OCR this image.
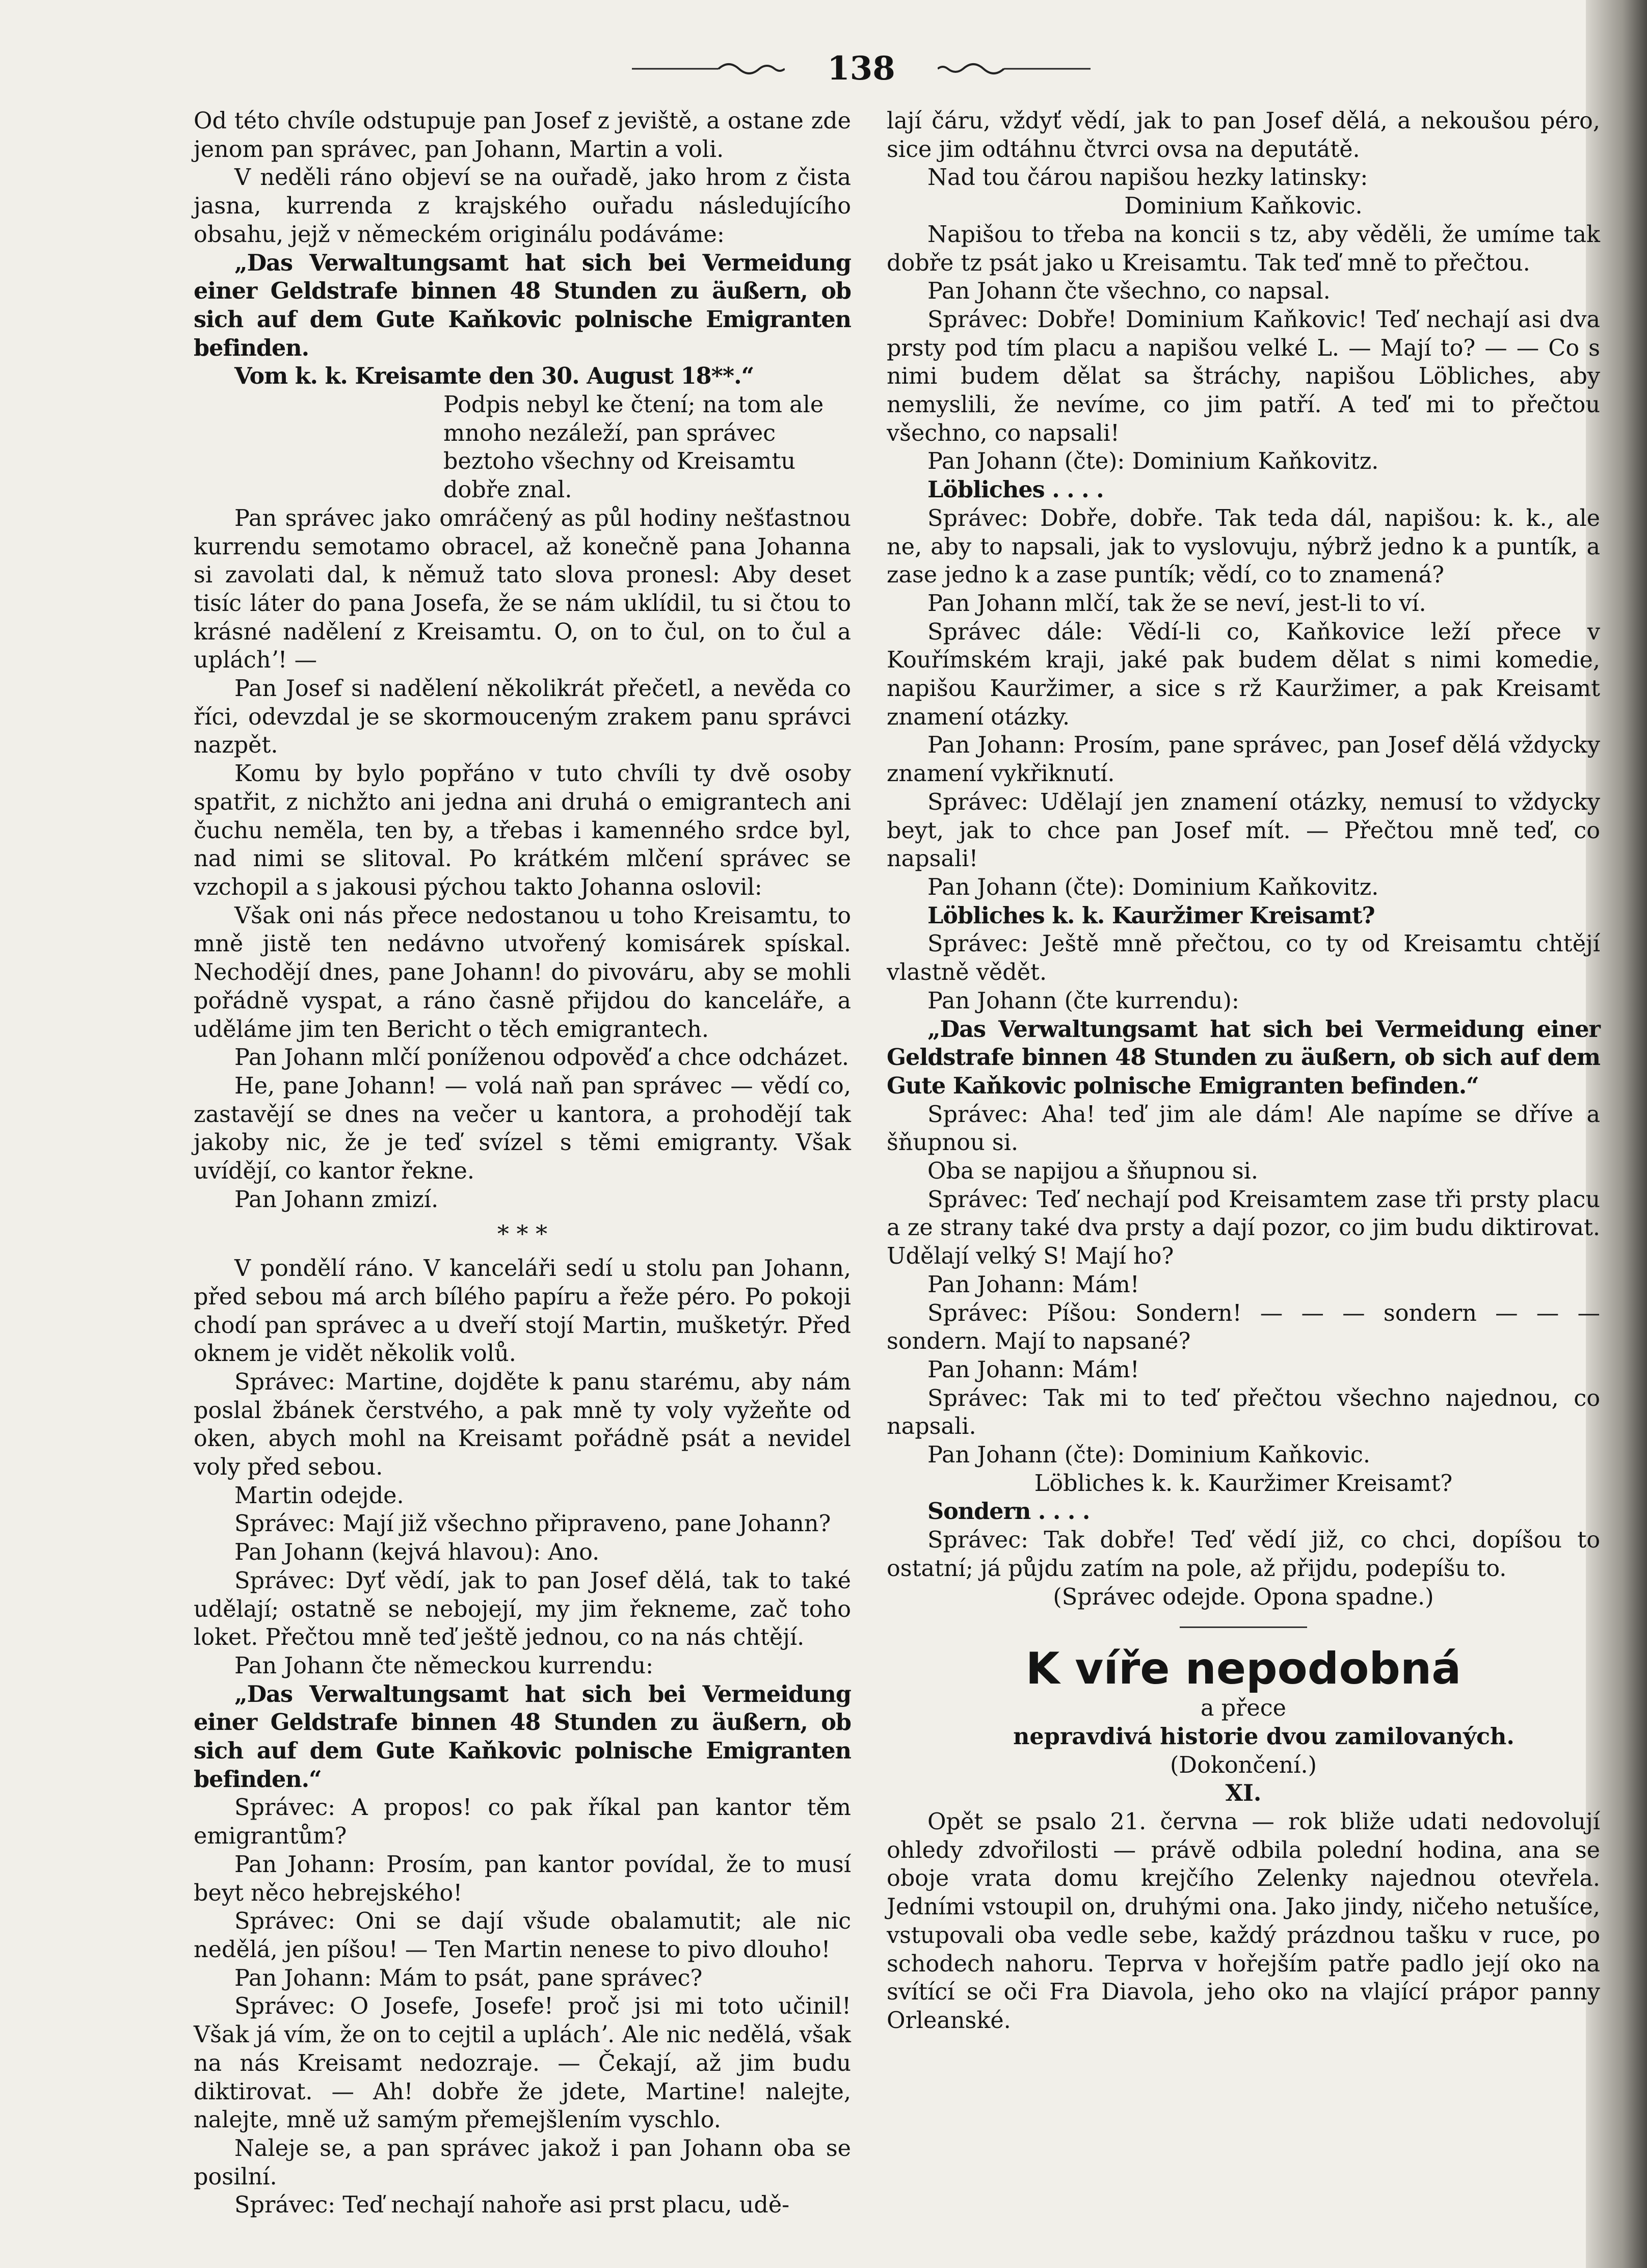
138

Od této chvíle odstupuje pan Josef z jeviště, a ostane zde jenom pan správec, pan Johann, Martin a voli.

V neděli ráno objeví se na ouřadě, jako hrom z čista jasna, kurrenda z krajského ouřadu následujícího obsahu, jejž v německém originálu podáváme:

„Das Verwaltungsamt hat sich bei Vermeidung einer Geldstrafe binnen 48 Stunden zu äußern, ob sich auf dem Gute Kaňkovic polnische Emigranten befinden.

Vom k. k. Kreisamte den 30. August 18**.“

Podpis nebyl ke čtení; na tom ale mnoho nezáleží, pan správec beztoho všechny od Kreisamtu dobře znal.

Pan správec jako omráčený as půl hodiny nešťastnou kurrendu semotamo obracel, až konečně pana Johanna si zavolati dal, k němuž tato slova pronesl: Aby deset tisíc láter do pana Josefa, že se nám uklídil, tu si čtou to krásné nadělení z Kreisamtu. O, on to čul, on to čul a upláchʼ! —

Pan Josef si nadělení několikrát přečetl, a nevěda co říci, odevzdal je se skormouceným zrakem panu správci nazpět.

Komu by bylo popřáno v tuto chvíli ty dvě osoby spatřit, z nichžto ani jedna ani druhá o emigrantech ani čuchu neměla, ten by, a třebas i kamenného srdce byl, nad nimi se slitoval. Po krátkém mlčení správec se vzchopil a s jakousi pýchou takto Johanna oslovil:

Však oni nás přece nedostanou u toho Kreisamtu, to mně jistě ten nedávno utvořený komisárek spískal. Nechodějí dnes, pane Johann! do pivováru, aby se mohli pořádně vyspat, a ráno časně přijdou do kanceláře, a uděláme jim ten Bericht o těch emigrantech.

Pan Johann mlčí poníženou odpověď a chce odcházet.

He, pane Johann! — volá naň pan správec — vědí co, zastavějí se dnes na večer u kantora, a prohodějí tak jakoby nic, že je teď svízel s těmi emigranty. Však uvídějí, co kantor řekne.

Pan Johann zmizí.

* * *

V pondělí ráno. V kanceláři sedí u stolu pan Johann, před sebou má arch bílého papíru a řeže péro. Po pokoji chodí pan správec a u dveří stojí Martin, mušketýr. Před oknem je vidět několik volů.

Správec: Martine, dojděte k panu starému, aby nám poslal žbánek čerstvého, a pak mně ty voly vyžeňte od oken, abych mohl na Kreisamt pořádně psát a nevidel voly před sebou.

Martin odejde.

Správec: Mají již všechno připraveno, pane Johann?

Pan Johann (kejvá hlavou): Ano.

Správec: Dyť vědí, jak to pan Josef dělá, tak to také udělají; ostatně se nebojejí, my jim řekneme, zač toho loket. Přečtou mně teď ještě jednou, co na nás chtějí.

Pan Johann čte německou kurrendu:

„Das Verwaltungsamt hat sich bei Vermeidung einer Geldstrafe binnen 48 Stunden zu äußern, ob sich auf dem Gute Kaňkovic polnische Emigranten befinden.“

Správec: A propos! co pak říkal pan kantor těm emigrantům?

Pan Johann: Prosím, pan kantor povídal, že to musí beyt něco hebrejského!

Správec: Oni se dají všude obalamutit; ale nic nedělá, jen píšou! — Ten Martin nenese to pivo dlouho!

Pan Johann: Mám to psát, pane správec?

Správec: O Josefe, Josefe! proč jsi mi toto učinil! Však já vím, že on to cejtil a upláchʼ. Ale nic nedělá, však na nás Kreisamt nedozraje. — Čekají, až jim budu diktirovat. — Ah! dobře že jdete, Martine! nalejte, nalejte, mně už samým přemejšlením vyschlo.

Naleje se, a pan správec jakož i pan Johann oba se posilní.

Správec: Teď nechají nahoře asi prst placu, udě-

lají čáru, vždyť vědí, jak to pan Josef dělá, a nekoušou péro, sice jim odtáhnu čtvrci ovsa na deputátě.

Nad tou čárou napišou hezky latinsky:

Dominium Kaňkovic.

Napišou to třeba na koncii s tz, aby věděli, že umíme tak dobře tz psát jako u Kreisamtu. Tak teď mně to přečtou.

Pan Johann čte všechno, co napsal.

Správec: Dobře! Dominium Kaňkovic! Teď nechají asi dva prsty pod tím placu a napišou velké L. — Mají to? — — Co s nimi budem dělat sa štráchy, napišou Löbliches, aby nemyslili, že nevíme, co jim patří. A teď mi to přečtou všechno, co napsali!

Pan Johann (čte): Dominium Kaňkovitz.

Löbliches . . . .

Správec: Dobře, dobře. Tak teda dál, napišou: k. k., ale ne, aby to napsali, jak to vyslovuju, nýbrž jedno k a puntík, a zase jedno k a zase puntík; vědí, co to znamená?

Pan Johann mlčí, tak že se neví, jest-li to ví.

Správec dále: Vědí-li co, Kaňkovice leží přece v Kouřímském kraji, jaké pak budem dělat s nimi komedie, napišou Kauržimer, a sice s rž Kauržimer, a pak Kreisamt znamení otázky.

Pan Johann: Prosím, pane správec, pan Josef dělá vždycky znamení vykřiknutí.

Správec: Udělají jen znamení otázky, nemusí to vždycky beyt, jak to chce pan Josef mít. — Přečtou mně teď, co napsali!

Pan Johann (čte): Dominium Kaňkovitz.

Löbliches k. k. Kauržimer Kreisamt?

Správec: Ještě mně přečtou, co ty od Kreisamtu chtějí vlastně vědět.

Pan Johann (čte kurrendu):

„Das Verwaltungsamt hat sich bei Vermeidung einer Geldstrafe binnen 48 Stunden zu äußern, ob sich auf dem Gute Kaňkovic polnische Emigranten befinden.“

Správec: Aha! teď jim ale dám! Ale napíme se dříve a šňupnou si.

Oba se napijou a šňupnou si.

Správec: Teď nechají pod Kreisamtem zase tři prsty placu a ze strany také dva prsty a dají pozor, co jim budu diktirovat. Udělají velký S! Mají ho?

Pan Johann: Mám!

Správec: Píšou: Sondern! — — — sondern — — — sondern. Mají to napsané?

Pan Johann: Mám!

Správec: Tak mi to teď přečtou všechno najednou, co napsali.

Pan Johann (čte): Dominium Kaňkovic.

Löbliches k. k. Kauržimer Kreisamt?

Sondern . . . .

Správec: Tak dobře! Teď vědí již, co chci, dopíšou to ostatní; já půjdu zatím na pole, až přijdu, podepíšu to.

(Správec odejde. Opona spadne.)

K víře nepodobná

a přece

nepravdivá historie dvou zamilovaných.

(Dokončení.)

XI.

Opět se psalo 21. června — rok bliže udati nedovolují ohledy zdvořilosti — právě odbila polední hodina, ana se oboje vrata domu krejčího Zelenky najednou otevřela. Jedními vstoupil on, druhými ona. Jako jindy, ničeho netušíce, vstupovali oba vedle sebe, každý prázdnou tašku v ruce, po schodech nahoru. Teprva v hořejším patře padlo její oko na svítící se oči Fra Diavola, jeho oko na vlající prápor panny Orleanské.
